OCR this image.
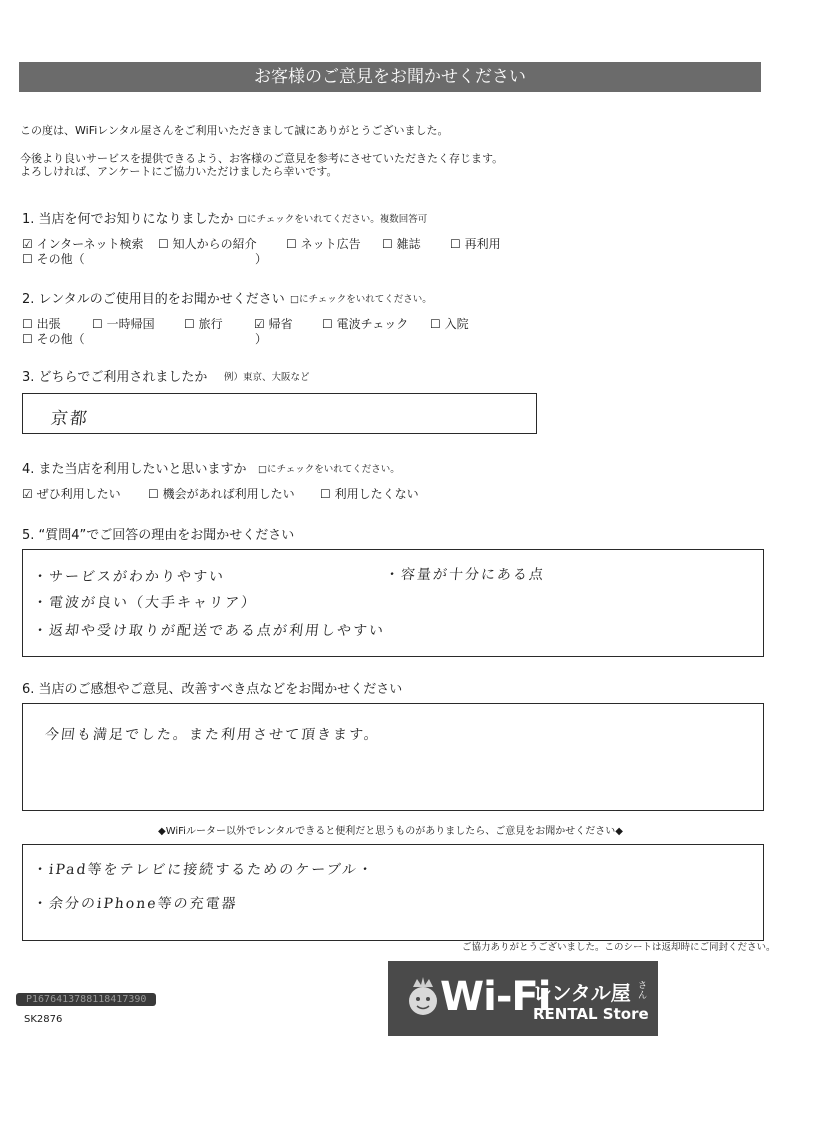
お客様のご意見をお聞かせください
この度は、WiFiレンタル屋さんをご利用いただきまして誠にありがとうございました。
今後より良いサービスを提供できるよう、お客様のご意見を参考にさせていただきたく存じます。
よろしければ、アンケートにご協力いただけましたら幸いです。
1. 当店を何でお知りになりましたか □にチェックをいれてください。複数回答可
☑ インターネット検索 ☐ 知人からの紹介 ☐ ネット広告 ☐ 雑誌 ☐ 再利用
☐ その他（	）
2. レンタルのご使用目的をお聞かせください □にチェックをいれてください。
☐ 出張	☐ 一時帰国 ☐ 旅行	☑ 帰省 ☐ 電波チェック ☐ 入院
☐ その他（	）
3. どちらでご利用されましたか 例）東京、大阪など
京都
4. また当店を利用したいと思いますか □にチェックをいれてください。
☑ ぜひ利用したい ☐ 機会があれば利用したい ☐ 利用したくない
5. “質問4”でご回答の理由をお聞かせください
・サービスがわかりやすい	・容量が十分にある点
・電波が良い（大手キャリア）
・返却や受け取りが配送である点が利用しやすい
6. 当店のご感想やご意見、改善すべき点などをお聞かせください
今回も満足でした。また利用させて頂きます。
◆WiFiルーター以外でレンタルできると便利だと思うものがありましたら、ご意見をお聞かせください◆
・iPad等をテレビに接続するためのケーブル・
・余分のiPhone等の充電器
ご協力ありがとうございました。このシートは返却時にご同封ください。
P1676413788118417390
SK2876	Wi-Fi
レンタル屋 さん
RENTAL Store
